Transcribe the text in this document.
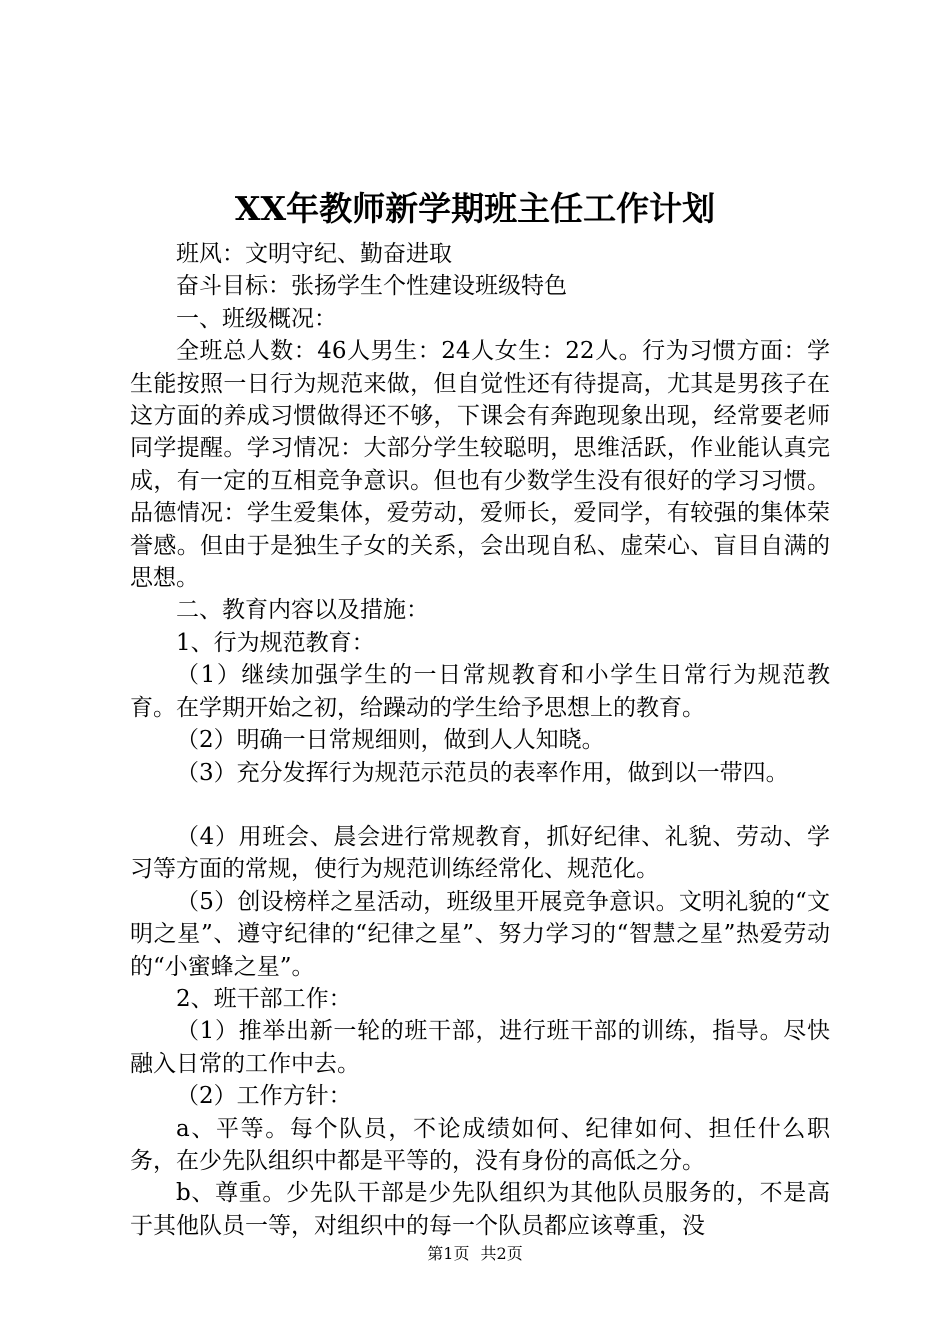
XX年教师新学期班主任工作计划

班风：文明守纪、勤奋进取

奋斗目标：张扬学生个性建设班级特色

一、班级概况：

全班总人数：46人男生：24人女生：22人。行为习惯方面：学生能按照一日行为规范来做，但自觉性还有待提高，尤其是男孩子在这方面的养成习惯做得还不够，下课会有奔跑现象出现，经常要老师同学提醒。学习情况：大部分学生较聪明，思维活跃，作业能认真完成，有一定的互相竞争意识。但也有少数学生没有很好的学习习惯。品德情况：学生爱集体，爱劳动，爱师长，爱同学，有较强的集体荣誉感。但由于是独生子女的关系，会出现自私、虚荣心、盲目自满的思想。

二、教育内容以及措施：

1、行为规范教育：

（1）继续加强学生的一日常规教育和小学生日常行为规范教育。在学期开始之初，给躁动的学生给予思想上的教育。

（2）明确一日常规细则，做到人人知晓。

（3）充分发挥行为规范示范员的表率作用，做到以一带四。

（4）用班会、晨会进行常规教育，抓好纪律、礼貌、劳动、学习等方面的常规，使行为规范训练经常化、规范化。

（5）创设榜样之星活动，班级里开展竞争意识。文明礼貌的“文明之星”、遵守纪律的“纪律之星”、努力学习的“智慧之星”热爱劳动的“小蜜蜂之星”。

2、班干部工作：

（1）推举出新一轮的班干部，进行班干部的训练，指导。尽快融入日常的工作中去。

（2）工作方针：

a、平等。每个队员，不论成绩如何、纪律如何、担任什么职务，在少先队组织中都是平等的，没有身份的高低之分。

b、尊重。少先队干部是少先队组织为其他队员服务的，不是高于其他队员一等，对组织中的每一个队员都应该尊重，没

第1页 共2页
